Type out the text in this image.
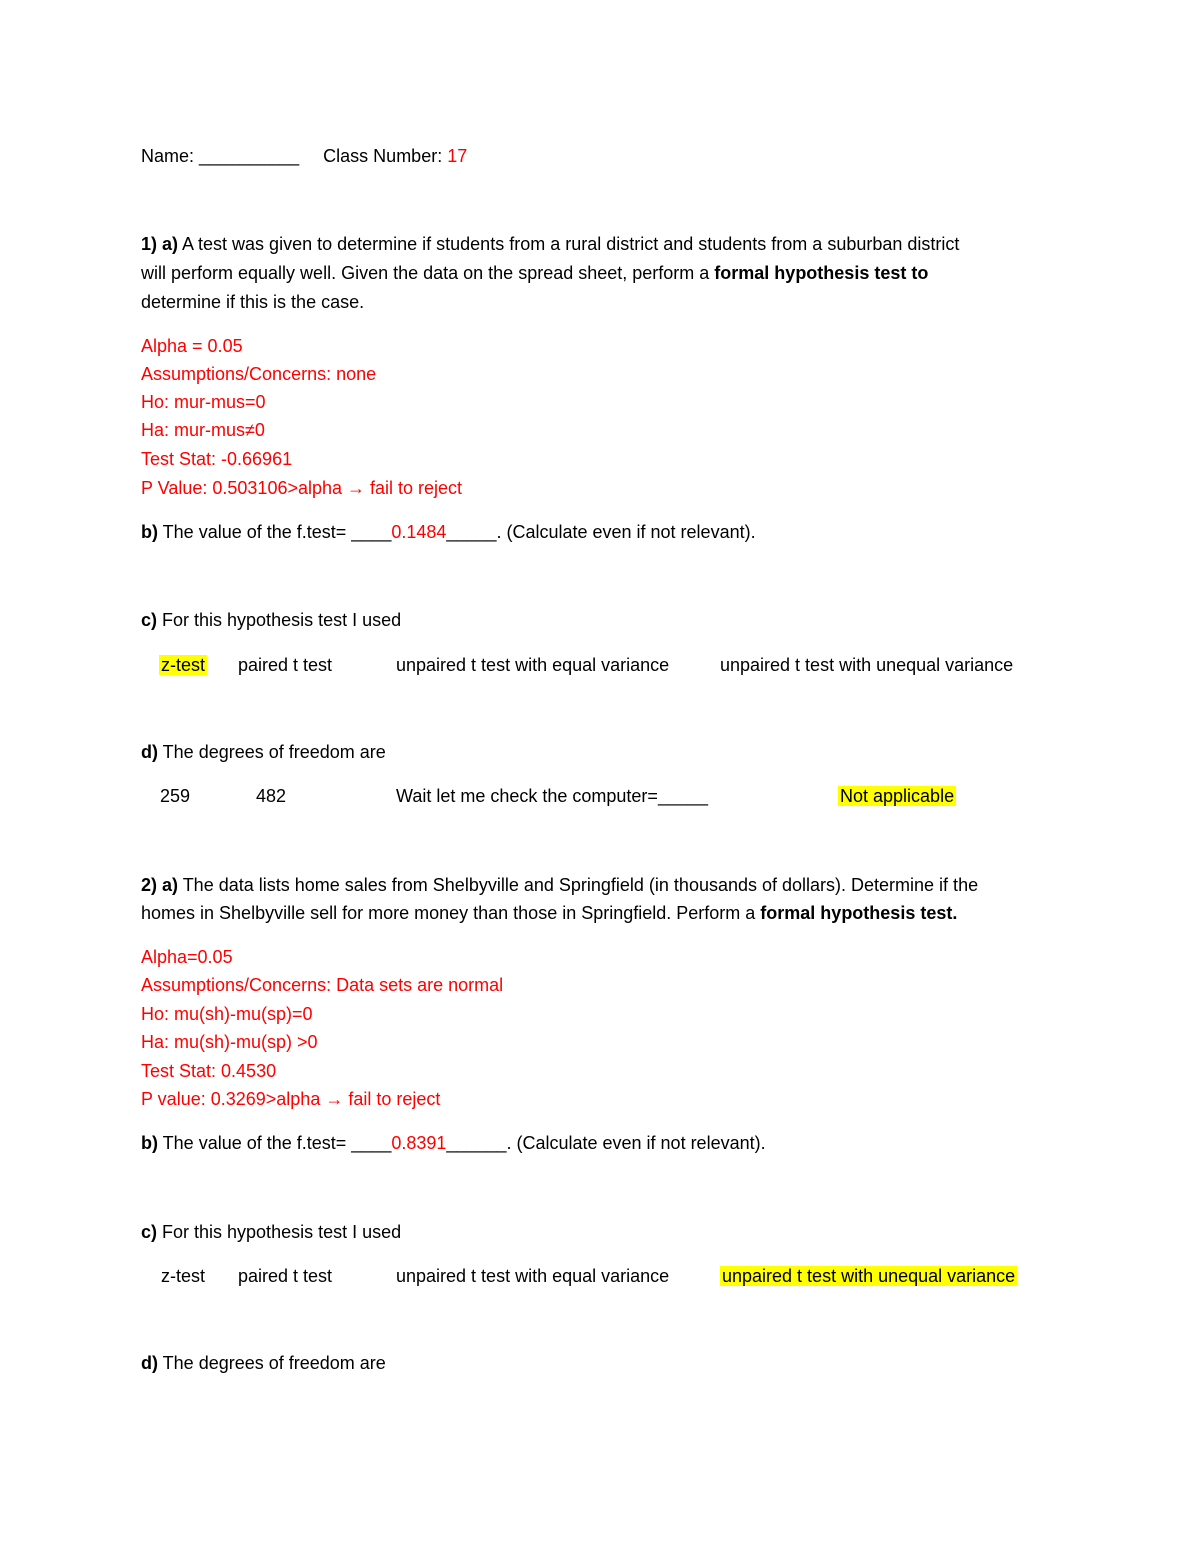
Name: __________ Class Number: 17
1) a) A test was given to determine if students from a rural district and students from a suburban district
will perform equally well. Given the data on the spread sheet, perform a formal hypothesis test to
determine if this is the case.
Alpha = 0.05
Assumptions/Concerns: none
Ho: mur-mus=0
Ha: mur-mus≠0
Test Stat: -0.66961
P Value: 0.503106>alpha → fail to reject
b) The value of the f.test= ____0.1484_____. (Calculate even if not relevant).
c) For this hypothesis test I used
z-test paired t test	unpaired t test with equal variance	unpaired t test with unequal variance
d) The degrees of freedom are
259	482	Wait let me check the computer=_____	Not applicable
2) a) The data lists home sales from Shelbyville and Springfield (in thousands of dollars). Determine if the
homes in Shelbyville sell for more money than those in Springfield. Perform a formal hypothesis test.
Alpha=0.05
Assumptions/Concerns: Data sets are normal
Ho: mu(sh)-mu(sp)=0
Ha: mu(sh)-mu(sp) >0
Test Stat: 0.4530
P value: 0.3269>alpha → fail to reject
b) The value of the f.test= ____0.8391______. (Calculate even if not relevant).
c) For this hypothesis test I used
z-test paired t test	unpaired t test with equal variance	unpaired t test with unequal variance
d) The degrees of freedom are
